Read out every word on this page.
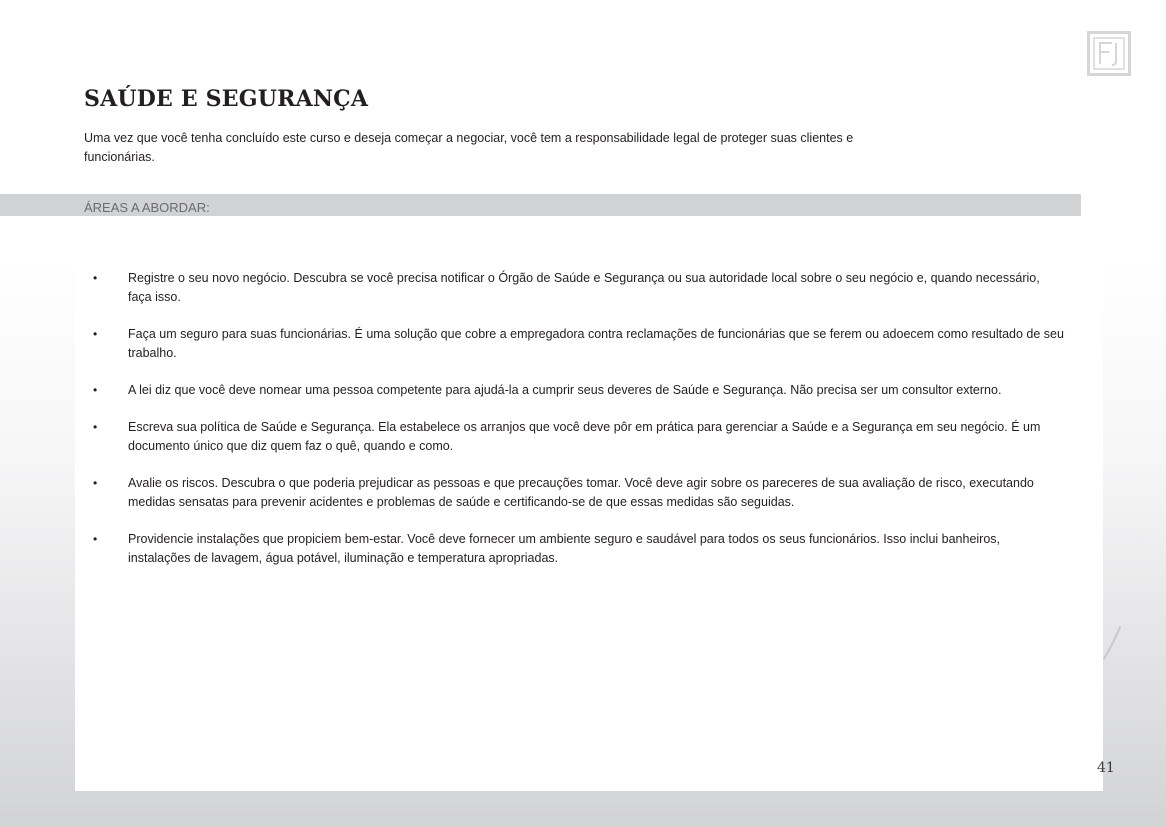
SAÚDE E SEGURANÇA

Uma vez que você tenha concluído este curso e deseja começar a negociar, você tem a responsabilidade legal de proteger suas clientes e funcionárias.

ÁREAS A ABORDAR:
• Registre o seu novo negócio. Descubra se você precisa notificar o Órgão de Saúde e Segurança ou sua autoridade local sobre o seu negócio e, quando necessário, faça isso.
• Faça um seguro para suas funcionárias. É uma solução que cobre a empregadora contra reclamações de funcionárias que se ferem ou adoecem como resultado de seu trabalho.
• A lei diz que você deve nomear uma pessoa competente para ajudá-la a cumprir seus deveres de Saúde e Segurança. Não precisa ser um consultor externo.
• Escreva sua política de Saúde e Segurança. Ela estabelece os arranjos que você deve pôr em prática para gerenciar a Saúde e a Segurança em seu negócio. É um documento único que diz quem faz o quê, quando e como.
• Avalie os riscos. Descubra o que poderia prejudicar as pessoas e que precauções tomar. Você deve agir sobre os pareceres de sua avaliação de risco, executando medidas sensatas para prevenir acidentes e problemas de saúde e certificando-se de que essas medidas são seguidas.
• Providencie instalações que propiciem bem-estar. Você deve fornecer um ambiente seguro e saudável para todos os seus funcionários. Isso inclui banheiros, instalações de lavagem, água potável, iluminação e temperatura apropriadas.
41
